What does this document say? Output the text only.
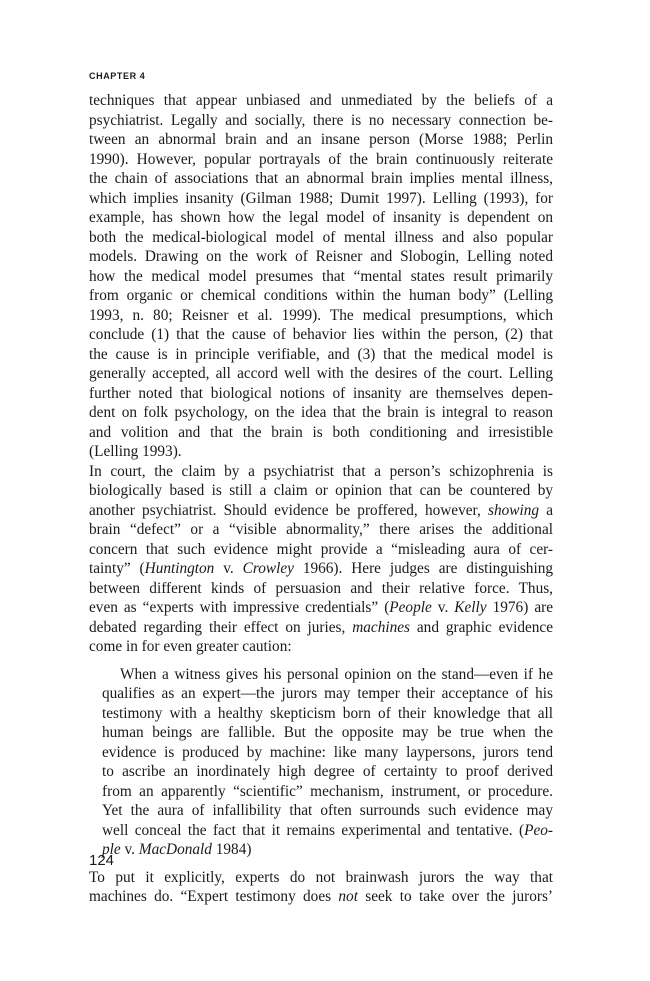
CHAPTER 4

techniques that appear unbiased and unmediated by the beliefs of a
psychiatrist. Legally and socially, there is no necessary connection be-
tween an abnormal brain and an insane person (Morse 1988; Perlin
1990). However, popular portrayals of the brain continuously reiterate
the chain of associations that an abnormal brain implies mental illness,
which implies insanity (Gilman 1988; Dumit 1997). Lelling (1993), for
example, has shown how the legal model of insanity is dependent on
both the medical-biological model of mental illness and also popular
models. Drawing on the work of Reisner and Slobogin, Lelling noted
how the medical model presumes that “mental states result primarily
from organic or chemical conditions within the human body” (Lelling
1993, n. 80; Reisner et al. 1999). The medical presumptions, which
conclude (1) that the cause of behavior lies within the person, (2) that
the cause is in principle verifiable, and (3) that the medical model is
generally accepted, all accord well with the desires of the court. Lelling
further noted that biological notions of insanity are themselves depen-
dent on folk psychology, on the idea that the brain is integral to reason
and volition and that the brain is both conditioning and irresistible
(Lelling 1993).

In court, the claim by a psychiatrist that a person’s schizophrenia is
biologically based is still a claim or opinion that can be countered by
another psychiatrist. Should evidence be proffered, however, showing a
brain “defect” or a “visible abnormality,” there arises the additional
concern that such evidence might provide a “misleading aura of cer-
tainty” (Huntington v. Crowley 1966). Here judges are distinguishing
between different kinds of persuasion and their relative force. Thus,
even as “experts with impressive credentials” (People v. Kelly 1976) are
debated regarding their effect on juries, machines and graphic evidence
come in for even greater caution:

When a witness gives his personal opinion on the stand—even if he
qualifies as an expert—the jurors may temper their acceptance of his
testimony with a healthy skepticism born of their knowledge that all
human beings are fallible. But the opposite may be true when the
evidence is produced by machine: like many laypersons, jurors tend
to ascribe an inordinately high degree of certainty to proof derived
from an apparently “scientific” mechanism, instrument, or procedure.
Yet the aura of infallibility that often surrounds such evidence may
well conceal the fact that it remains experimental and tentative. (Peo-
ple v. MacDonald 1984)

To put it explicitly, experts do not brainwash jurors the way that
machines do. “Expert testimony does not seek to take over the jurors’

124
